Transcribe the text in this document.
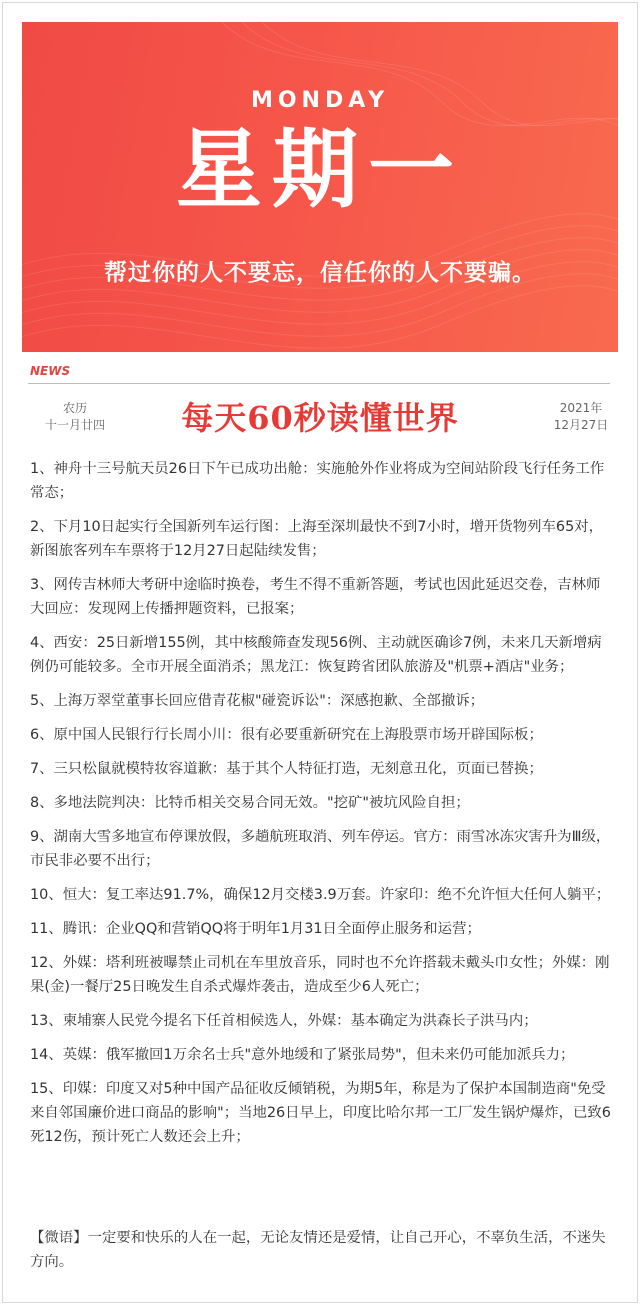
MONDAY
星期一
帮过你的人不要忘，信任你的人不要骗。
NEWS
农历
十一月廿四	每天60秒读懂世界	2021年
12月27日
1、神舟十三号航天员26日下午已成功出舱：实施舱外作业将成为空间站阶段飞行任务工作常态；
2、下月10日起实行全国新列车运行图：上海至深圳最快不到7小时，增开货物列车65对，新图旅客列车车票将于12月27日起陆续发售；
3、网传吉林师大考研中途临时换卷，考生不得不重新答题，考试也因此延迟交卷，吉林师大回应：发现网上传播押题资料，已报案；
4、西安：25日新增155例，其中核酸筛查发现56例、主动就医确诊7例，未来几天新增病例仍可能较多。全市开展全面消杀；黑龙江：恢复跨省团队旅游及"机票+酒店"业务；
5、上海万翠堂董事长回应借青花椒"碰瓷诉讼"：深感抱歉、全部撤诉；
6、原中国人民银行行长周小川：很有必要重新研究在上海股票市场开辟国际板；
7、三只松鼠就模特妆容道歉：基于其个人特征打造，无刻意丑化，页面已替换；
8、多地法院判决：比特币相关交易合同无效。"挖矿"被坑风险自担；
9、湖南大雪多地宣布停课放假，多趟航班取消、列车停运。官方：雨雪冰冻灾害升为Ⅲ级，市民非必要不出行；
10、恒大：复工率达91.7%，确保12月交楼3.9万套。许家印：绝不允许恒大任何人躺平；
11、腾讯：企业QQ和营销QQ将于明年1月31日全面停止服务和运营；
12、外媒：塔利班被曝禁止司机在车里放音乐，同时也不允许搭载未戴头巾女性；外媒：刚果(金)一餐厅25日晚发生自杀式爆炸袭击，造成至少6人死亡；
13、柬埔寨人民党今提名下任首相候选人，外媒：基本确定为洪森长子洪马内；
14、英媒：俄军撤回1万余名士兵"意外地缓和了紧张局势"，但未来仍可能加派兵力；
15、印媒：印度又对5种中国产品征收反倾销税，为期5年，称是为了保护本国制造商"免受来自邻国廉价进口商品的影响"；当地26日早上，印度比哈尔邦一工厂发生锅炉爆炸，已致6死12伤，预计死亡人数还会上升；
【微语】一定要和快乐的人在一起，无论友情还是爱情，让自己开心，不辜负生活，不迷失方向。
